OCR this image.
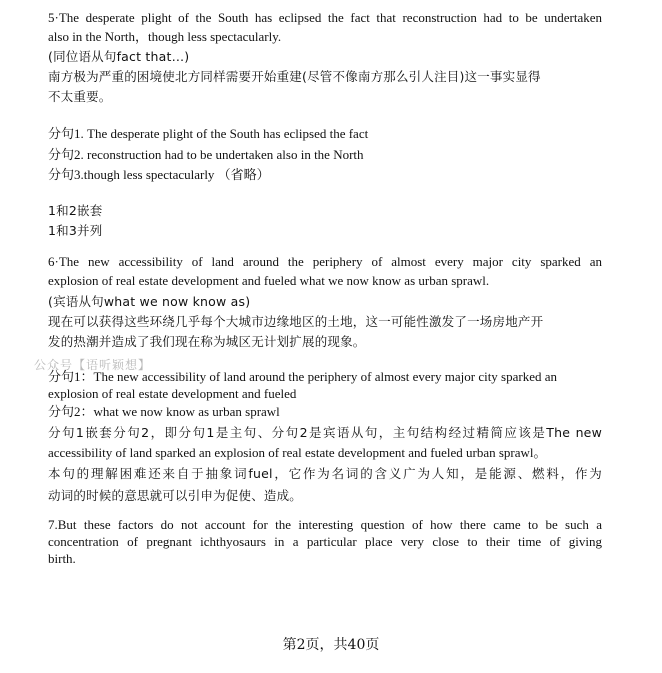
5·The desperate plight of the South has eclipsed the fact that reconstruction had to be undertaken
also in the North，though less spectacularly.
(同位语从句fact that…)
南方极为严重的困境使北方同样需要开始重建(尽管不像南方那么引人注目)这一事实显得
不太重要。
分句1. The desperate plight of the South has eclipsed the fact
分句2. reconstruction had to be undertaken also in the North
分句3.though less spectacularly （省略）
1和2嵌套
1和3并列
6·The new accessibility of land around the periphery of almost every major city sparked an
explosion of real estate development and fueled what we now know as urban sprawl.
(宾语从句what we now know as)
现在可以获得这些环绕几乎每个大城市边缘地区的土地，这一可能性激发了一场房地产开
发的热潮并造成了我们现在称为城区无计划扩展的现象。
公众号【语听颖想】
分句1：The new accessibility of land around the periphery of almost every major city sparked an
explosion of real estate development and fueled
分句2：what we now know as urban sprawl
分句1嵌套分句2，即分句1是主句、分句2是宾语从句，主句结构经过精简应该是The new
accessibility of land sparked an explosion of real estate development and fueled urban sprawl。
本句的理解困难还来自于抽象词fuel，它作为名词的含义广为人知，是能源、燃料，作为
动词的时候的意思就可以引申为促使、造成。
7.But these factors do not account for the interesting question of how there came to be such a
concentration of pregnant ichthyosaurs in a particular place very close to their time of giving
birth.
第2页，共40页
